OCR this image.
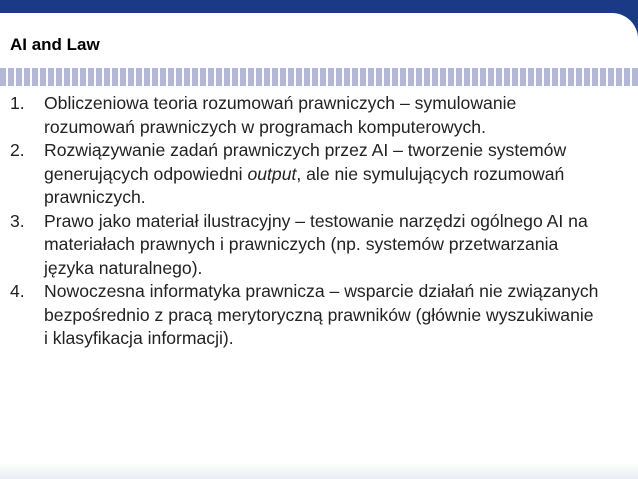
AI and Law
1.	Obliczeniowa teoria rozumowań prawniczych – symulowanie rozumowań prawniczych w programach komputerowych.
2.	Rozwiązywanie zadań prawniczych przez AI – tworzenie systemów generujących odpowiedni output, ale nie symulujących rozumowań prawniczych.
3.	Prawo jako materiał ilustracyjny – testowanie narzędzi ogólnego AI na materiałach prawnych i prawniczych (np. systemów przetwarzania języka naturalnego).
4.	Nowoczesna informatyka prawnicza – wsparcie działań nie związanych bezpośrednio z pracą merytoryczną prawników (głównie wyszukiwanie i klasyfikacja informacji).
